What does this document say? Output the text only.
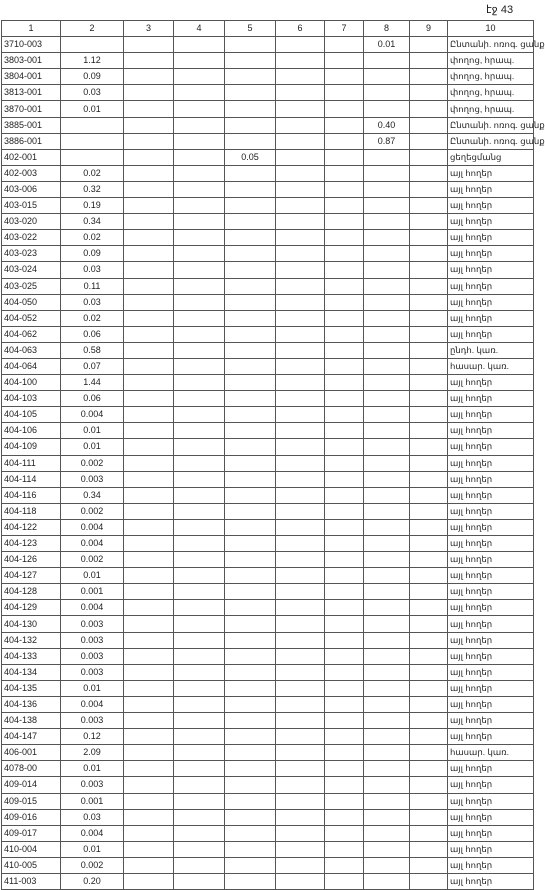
էջ 43
1	2	3	4	5	6	7	8	9	10
3710-003							0.01		Ընտանի. ոռոգ. ցանք
3803-001	1.12								փողոց, հրապ.
3804-001	0.09								փողոց, հրապ.
3813-001	0.03								փողոց, հրապ.
3870-001	0.01								փողոց, հրապ.
3885-001							0.40		Ընտանի. ոռոգ. ցանք
3886-001							0.87		Ընտանի. ոռոգ. ցանք
402-001				0.05					ցեղեցմանց
402-003	0.02								այլ հողեր
403-006	0.32								այլ հողեր
403-015	0.19								այլ հողեր
403-020	0.34								այլ հողեր
403-022	0.02								այլ հողեր
403-023	0.09								այլ հողեր
403-024	0.03								այլ հողեր
403-025	0.11								այլ հողեր
404-050	0.03								այլ հողեր
404-052	0.02								այլ հողեր
404-062	0.06								այլ հողեր
404-063	0.58								ընդհ. կառ.
404-064	0.07								հասար. կառ.
404-100	1.44								այլ հողեր
404-103	0.06								այլ հողեր
404-105	0.004								այլ հողեր
404-106	0.01								այլ հողեր
404-109	0.01								այլ հողեր
404-111	0.002								այլ հողեր
404-114	0.003								այլ հողեր
404-116	0.34								այլ հողեր
404-118	0.002								այլ հողեր
404-122	0.004								այլ հողեր
404-123	0.004								այլ հողեր
404-126	0.002								այլ հողեր
404-127	0.01								այլ հողեր
404-128	0.001								այլ հողեր
404-129	0.004								այլ հողեր
404-130	0.003								այլ հողեր
404-132	0.003								այլ հողեր
404-133	0.003								այլ հողեր
404-134	0.003								այլ հողեր
404-135	0.01								այլ հողեր
404-136	0.004								այլ հողեր
404-138	0.003								այլ հողեր
404-147	0.12								այլ հողեր
406-001	2.09								հասար. կառ.
4078-00	0.01								այլ հողեր
409-014	0.003								այլ հողեր
409-015	0.001								այլ հողեր
409-016	0.03								այլ հողեր
409-017	0.004								այլ հողեր
410-004	0.01								այլ հողեր
410-005	0.002								այլ հողեր
411-003	0.20								այլ հողեր
